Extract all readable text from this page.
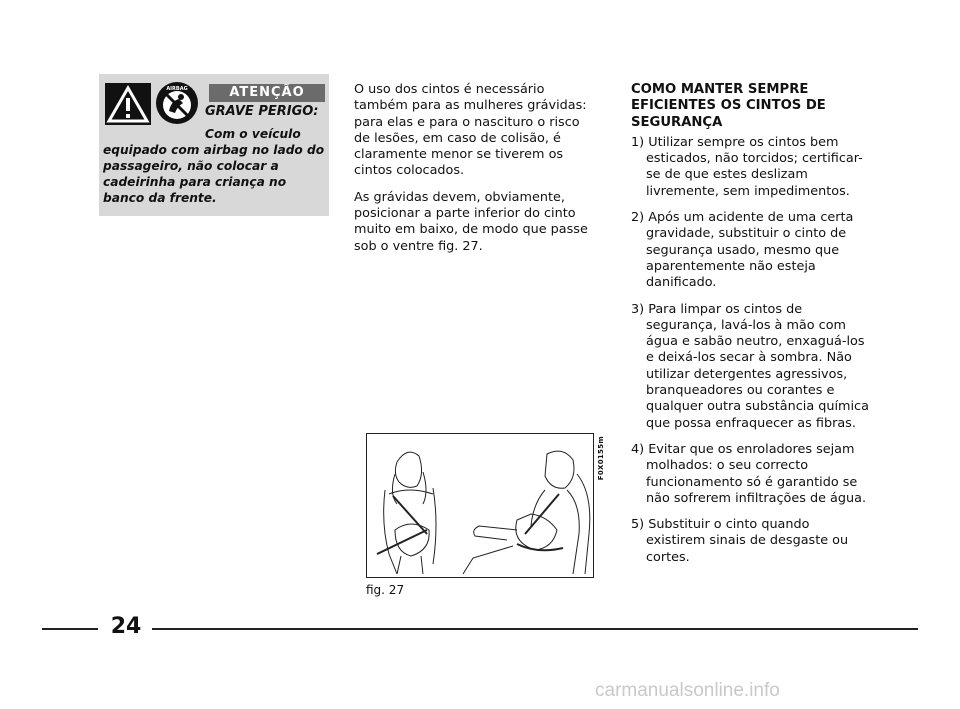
AIRBAG	ATENÇÃO
GRAVE PERIGO:
Com o veículo
equipado com airbag no lado do passageiro, não colocar a cadeirinha para criança no banco da frente.

O uso dos cintos é necessário também para as mulheres grávidas: para elas e para o nascituro o risco de lesões, em caso de colisão, é claramente menor se tiverem os cintos colocados.

As grávidas devem, obviamente, posicionar a parte inferior do cinto muito em baixo, de modo que passe sob o ventre fig. 27.

COMO MANTER SEMPRE EFICIENTES OS CINTOS DE SEGURANÇA
1) Utilizar sempre os cintos bem esticados, não torcidos; certificar-se de que estes deslizam livremente, sem impedimentos.
2) Após um acidente de uma certa gravidade, substituir o cinto de segurança usado, mesmo que aparentemente não esteja danificado.
3) Para limpar os cintos de segurança, lavá-los à mão com água e sabão neutro, enxaguá-los e deixá-los secar à sombra. Não utilizar detergentes agressivos, branqueadores ou corantes e qualquer outra substância química que possa enfraquecer as fibras.
4) Evitar que os enroladores sejam molhados: o seu correcto funcionamento só é garantido se não sofrerem infiltrações de água.
5) Substituir o cinto quando existirem sinais de desgaste ou cortes.
F0X0155m
fig. 27
24
carmanualsonline.info
